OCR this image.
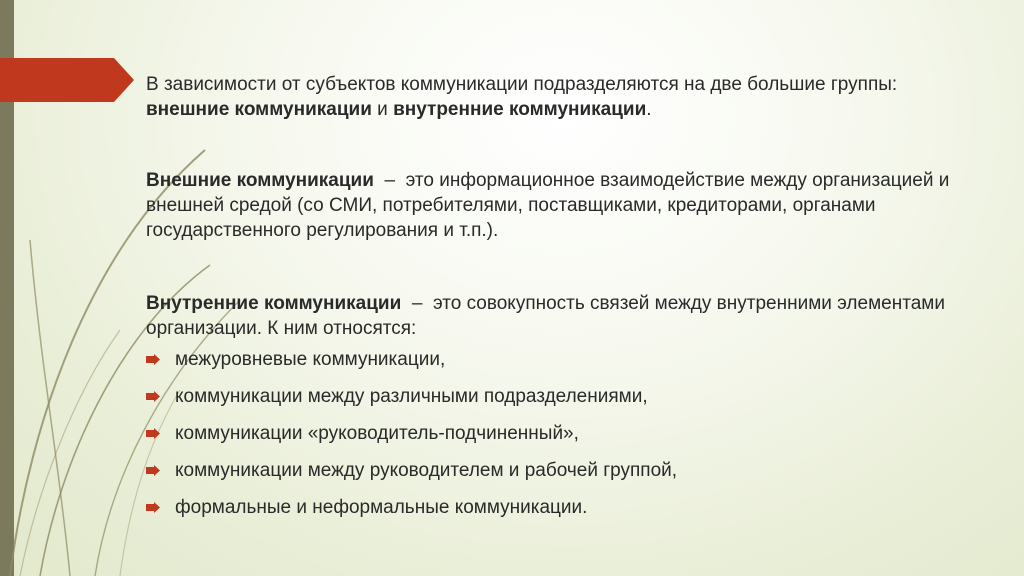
В зависимости от субъектов коммуникации подразделяются на две большие группы: внешние коммуникации и внутренние коммуникации.

Внешние коммуникации  –  это информационное взаимодействие между организацией и внешней средой (со СМИ, потребителями, поставщиками, кредиторами, органами государственного регулирования и т.п.).

Внутренние коммуникации  –  это совокупность связей между внутренними элементами организации. К ним относятся:

межуровневые коммуникации,
коммуникации между различными подразделениями,
коммуникации «руководитель-подчиненный»,
коммуникации между руководителем и рабочей группой,
формальные и неформальные коммуникации.
